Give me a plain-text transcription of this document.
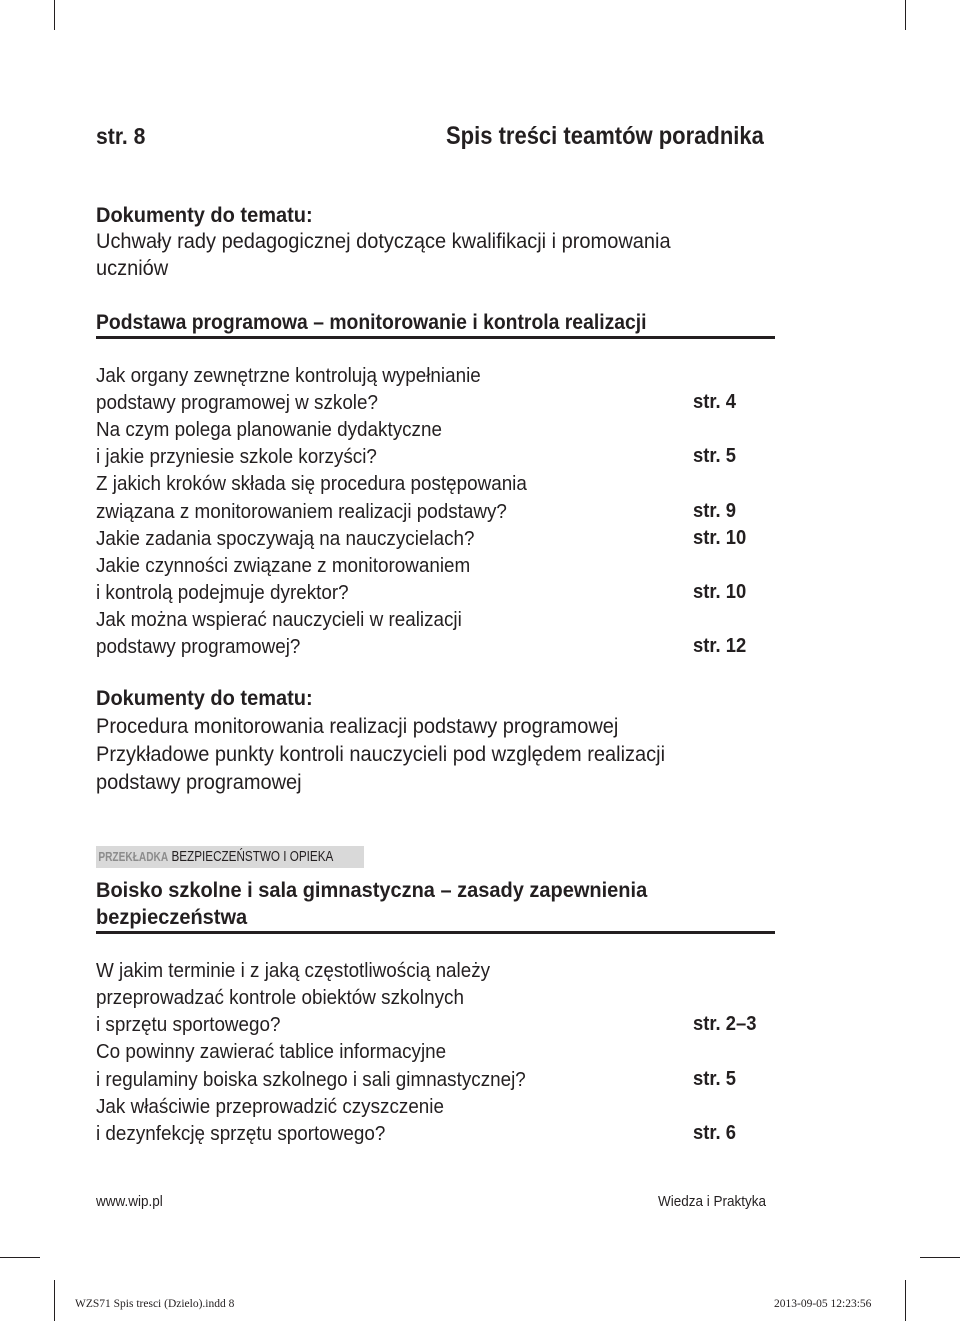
str. 8	Spis treści teamtów poradnika
Dokumenty do tematu:
Uchwały rady pedagogicznej dotyczące kwalifikacji i promowania
uczniów
Podstawa programowa – monitorowanie i kontrola realizacji
Jak organy zewnętrzne kontrolują wypełnianie
podstawy programowej w szkole?	str. 4
Na czym polega planowanie dydaktyczne
i jakie przyniesie szkole korzyści?	str. 5
Z jakich kroków składa się procedura postępowania
związana z monitorowaniem realizacji podstawy?	str. 9
Jakie zadania spoczywają na nauczycielach?	str. 10
Jakie czynności związane z monitorowaniem
i kontrolą podejmuje dyrektor?	str. 10
Jak można wspierać nauczycieli w realizacji
podstawy programowej?	str. 12
Dokumenty do tematu:
Procedura monitorowania realizacji podstawy programowej
Przykładowe punkty kontroli nauczycieli pod względem realizacji
podstawy programowej
PRZEKŁADKA BEZPIECZEŃSTWO I OPIEKA
Boisko szkolne i sala gimnastyczna – zasady zapewnienia
bezpieczeństwa
W jakim terminie i z jaką częstotliwością należy
przeprowadzać kontrole obiektów szkolnych
i sprzętu sportowego?	str. 2–3
Co powinny zawierać tablice informacyjne
i regulaminy boiska szkolnego i sali gimnastycznej?	str. 5
Jak właściwie przeprowadzić czyszczenie
i dezynfekcję sprzętu sportowego?	str. 6
www.wip.pl	Wiedza i Praktyka
WZS71 Spis tresci (Dzielo).indd 8	2013-09-05 12:23:56
